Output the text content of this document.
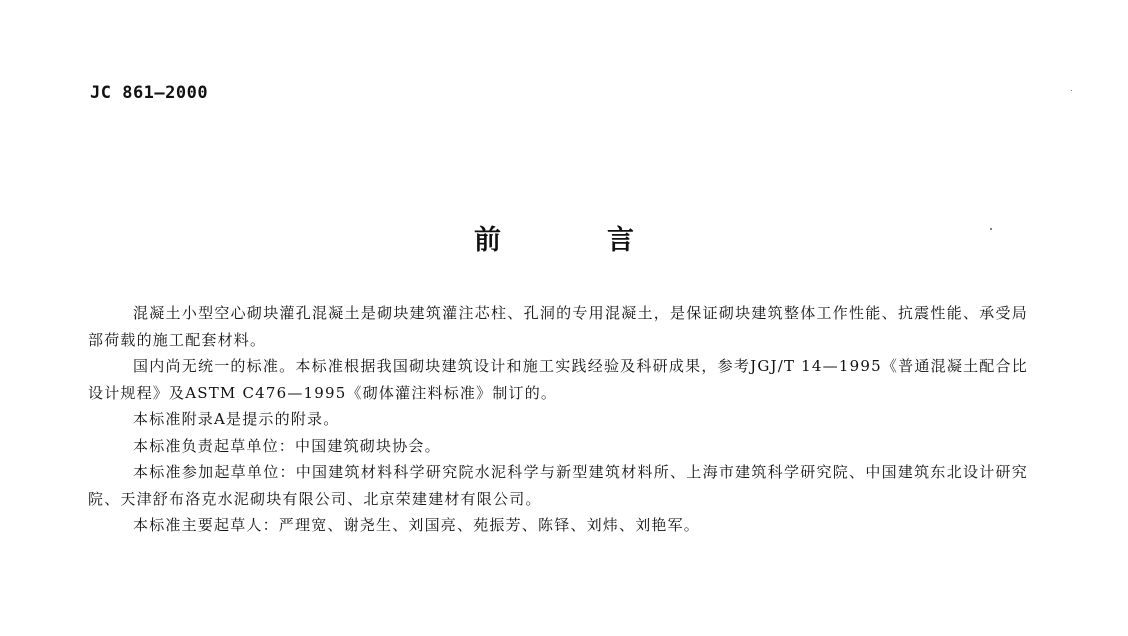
JC 861—2000
前	言

混凝土小型空心砌块灌孔混凝土是砌块建筑灌注芯柱、孔洞的专用混凝土，是保证砌块建筑整体工作性能、抗震性能、承受局部荷载的施工配套材料。

国内尚无统一的标准。本标准根据我国砌块建筑设计和施工实践经验及科研成果，参考JGJ/T 14—1995《普通混凝土配合比设计规程》及ASTM C476—1995《砌体灌注料标准》制订的。

本标准附录A是提示的附录。

本标准负责起草单位：中国建筑砌块协会。

本标准参加起草单位：中国建筑材料科学研究院水泥科学与新型建筑材料所、上海市建筑科学研究院、中国建筑东北设计研究院、天津舒布洛克水泥砌块有限公司、北京荣建建材有限公司。

本标准主要起草人：严理宽、谢尧生、刘国亮、苑振芳、陈铎、刘炜、刘艳军。
